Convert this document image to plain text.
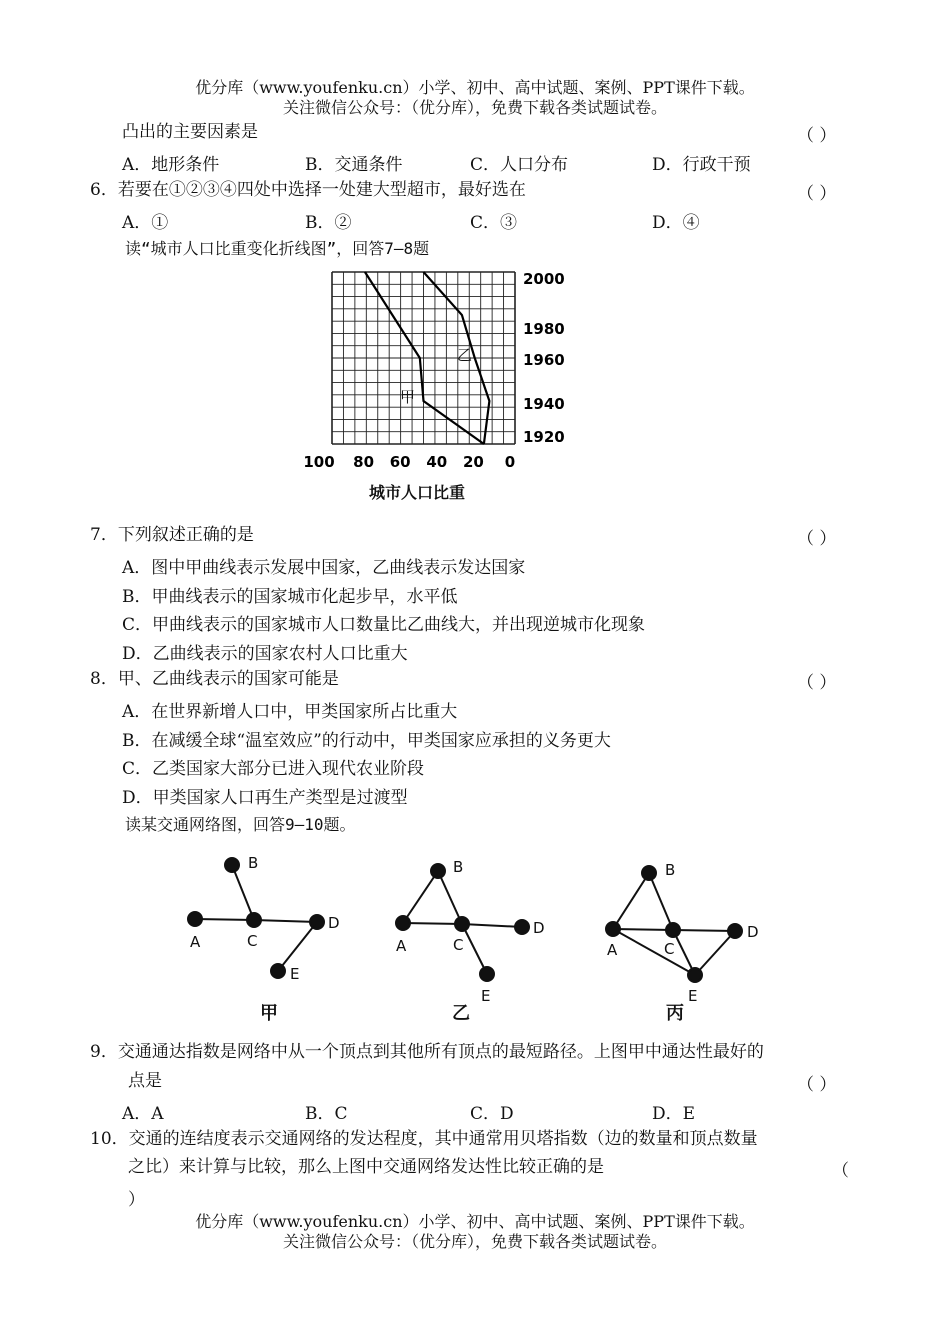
优分库（www.youfenku.cn）小学、初中、高中试题、案例、PPT课件下载。
关注微信公众号：（优分库），免费下载各类试题试卷。
凸出的主要因素是	（ ）
A．地形条件	B．交通条件	C．人口分布	D．行政干预
6．若要在①②③④四处中选择一处建大型超市，最好选在	（ ）
A．①	B．②	C．③	D．④
读“城市人口比重变化折线图”，回答7—8题
100 80 60 40 20 0
2000
1980
1960
1940
1920
城市人口比重
甲
乙
7．下列叙述正确的是	（ ）
A．图中甲曲线表示发展中国家，乙曲线表示发达国家
B．甲曲线表示的国家城市化起步早，水平低
C．甲曲线表示的国家城市人口数量比乙曲线大，并出现逆城市化现象
D．乙曲线表示的国家农村人口比重大
8．甲、乙曲线表示的国家可能是	（ ）
A．在世界新增人口中，甲类国家所占比重大
B．在减缓全球“温室效应”的行动中，甲类国家应承担的义务更大
C．乙类国家大部分已进入现代农业阶段
D．甲类国家人口再生产类型是过渡型
读某交通网络图，回答9—10题。
B
A	C
D
E
甲
B
A	C
D
E
乙
B
A	C
D
E
丙
9．交通通达指数是网络中从一个顶点到其他所有顶点的最短路径。上图甲中通达性最好的
点是	（ ）
A．A	B．C	C．D	D．E
10．交通的连结度表示交通网络的发达程度，其中通常用贝塔指数（边的数量和顶点数量
之比）来计算与比较，那么上图中交通网络发达性比较正确的是	（
）
优分库（www.youfenku.cn）小学、初中、高中试题、案例、PPT课件下载。
关注微信公众号：（优分库），免费下载各类试题试卷。
